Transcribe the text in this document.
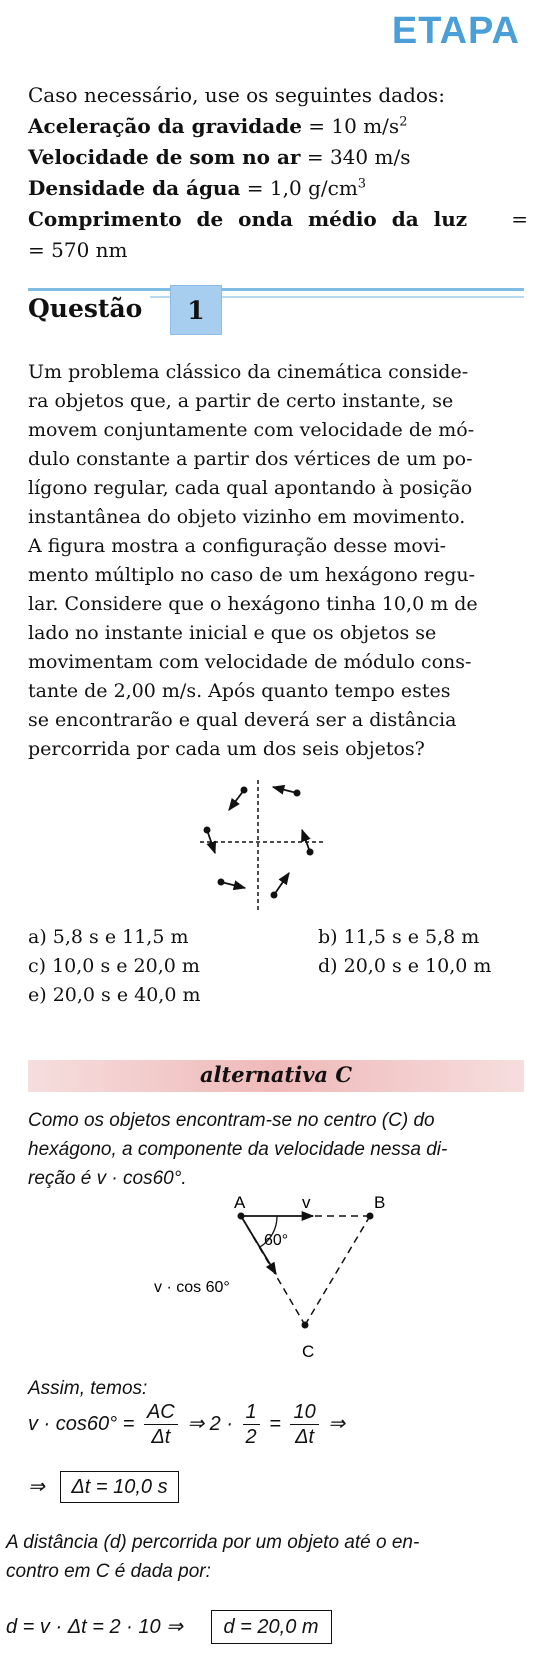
ETAPA
Caso necessário, use os seguintes dados:
Aceleração da gravidade = 10 $m/s^2$
Velocidade de som no ar = 340 m/s
Densidade da água = 1,0 $g/cm^3$
Comprimento de onda médio da luz =
= 570 nm
Questão	1
Um problema clássico da cinemática conside-
ra objetos que, a partir de certo instante, se
movem conjuntamente com velocidade de mó-
dulo constante a partir dos vértices de um po-
lígono regular, cada qual apontando à posição
instantânea do objeto vizinho em movimento.
A figura mostra a configuração desse movi-
mento múltiplo no caso de um hexágono regu-
lar. Considere que o hexágono tinha 10,0 m de
lado no instante inicial e que os objetos se
movimentam com velocidade de módulo cons-
tante de 2,00 m/s. Após quanto tempo estes
se encontrarão e qual deverá ser a distância
percorrida por cada um dos seis objetos?
a) 5,8 s e 11,5 m	b) 11,5 s e 5,8 m
c) 10,0 s e 20,0 m	d) 20,0 s e 10,0 m
e) 20,0 s e 40,0 m
alternativa C
Como os objetos encontram-se no centro (C) do
hexágono, a componente da velocidade nessa di-
reção é v · cos60°.
A	B
v
C
60°
v · cos 60°
Assim, temos:
$v \cdot \cos 60^\circ = \frac{AC}{\Delta t}$ ⇒ $2 \cdot \frac{1}{2} = \frac{10}{\Delta t}$ ⇒
⇒ Δt = 10,0 s
A distância (d) percorrida por um objeto até o en-
contro em C é dada por:
d = v · Δt = 2 · 10 ⇒ d = 20,0 m
